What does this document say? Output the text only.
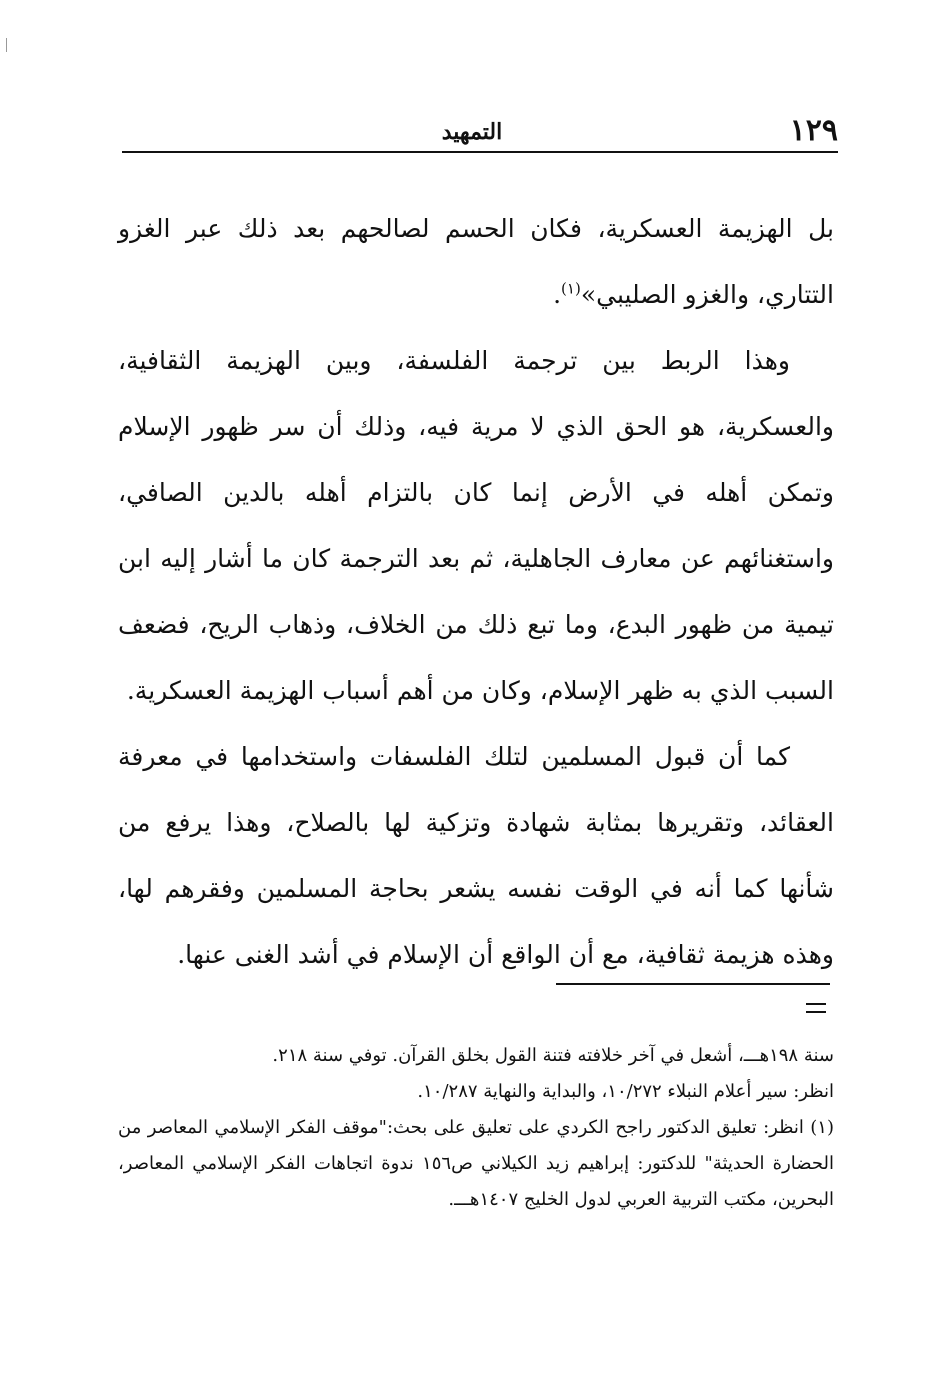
١٢٩
التمهيد

بل الهزيمة العسكرية، فكان الحسم لصالحهم بعد ذلك عبر الغزو التتاري، والغزو الصليبي»$^{(١)}$.

وهذا الربط بين ترجمة الفلسفة، وبين الهزيمة الثقافية، والعسكرية، هو الحق الذي لا مرية فيه، وذلك أن سر ظهور الإسلام وتمكن أهله في الأرض إنما كان بالتزام أهله بالدين الصافي، واستغنائهم عن معارف الجاهلية، ثم بعد الترجمة كان ما أشار إليه ابن تيمية من ظهور البدع، وما تبع ذلك من الخلاف، وذهاب الريح، فضعف السبب الذي به ظهر الإسلام، وكان من أهم أسباب الهزيمة العسكرية.

كما أن قبول المسلمين لتلك الفلسفات واستخدامها في معرفة العقائد، وتقريرها بمثابة شهادة وتزكية لها بالصلاح، وهذا يرفع من شأنها كما أنه في الوقت نفسه يشعر بحاجة المسلمين وفقرهم لها، وهذه هزيمة ثقافية، مع أن الواقع أن الإسلام في أشد الغنى عنها.

سنة ١٩٨هـــ، أشعل في آخر خلافته فتنة القول بخلق القرآن. توفي سنة ٢١٨.

انظر: سير أعلام النبلاء ١٠/٢٧٢، والبداية والنهاية ١٠/٢٨٧.

(١) انظر: تعليق الدكتور راجح الكردي على تعليق على بحث:"موقف الفكر الإسلامي المعاصر من الحضارة الحديثة" للدكتور: إبراهيم زيد الكيلاني ص١٥٦ ندوة اتجاهات الفكر الإسلامي المعاصر، البحرين، مكتب التربية العربي لدول الخليج ١٤٠٧هـــ.
